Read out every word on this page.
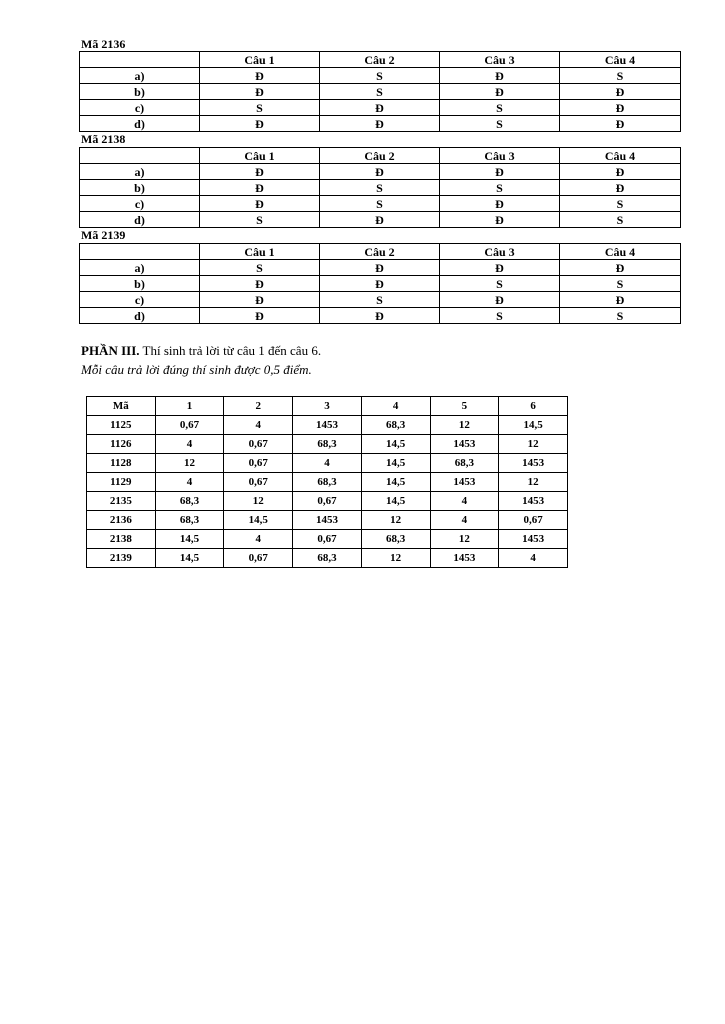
Mã 2136
	Câu 1	Câu 2	Câu 3	Câu 4
a)	Đ	S	Đ	S
b)	Đ	S	Đ	Đ
c)	S	Đ	S	Đ
d)	Đ	Đ	S	Đ
Mã 2138
	Câu 1	Câu 2	Câu 3	Câu 4
a)	Đ	Đ	Đ	Đ
b)	Đ	S	S	Đ
c)	Đ	S	Đ	S
d)	S	Đ	Đ	S
Mã 2139
	Câu 1	Câu 2	Câu 3	Câu 4
a)	S	Đ	Đ	Đ
b)	Đ	Đ	S	S
c)	Đ	S	Đ	Đ
d)	Đ	Đ	S	S
PHẦN III. Thí sinh trả lời từ câu 1 đến câu 6.
Mỗi câu trả lời đúng thí sinh được 0,5 điểm.
Mã	1	2	3	4	5	6
1125	0,67	4	1453	68,3	12	14,5
1126	4	0,67	68,3	14,5	1453	12
1128	12	0,67	4	14,5	68,3	1453
1129	4	0,67	68,3	14,5	1453	12
2135	68,3	12	0,67	14,5	4	1453
2136	68,3	14,5	1453	12	4	0,67
2138	14,5	4	0,67	68,3	12	1453
2139	14,5	0,67	68,3	12	1453	4
